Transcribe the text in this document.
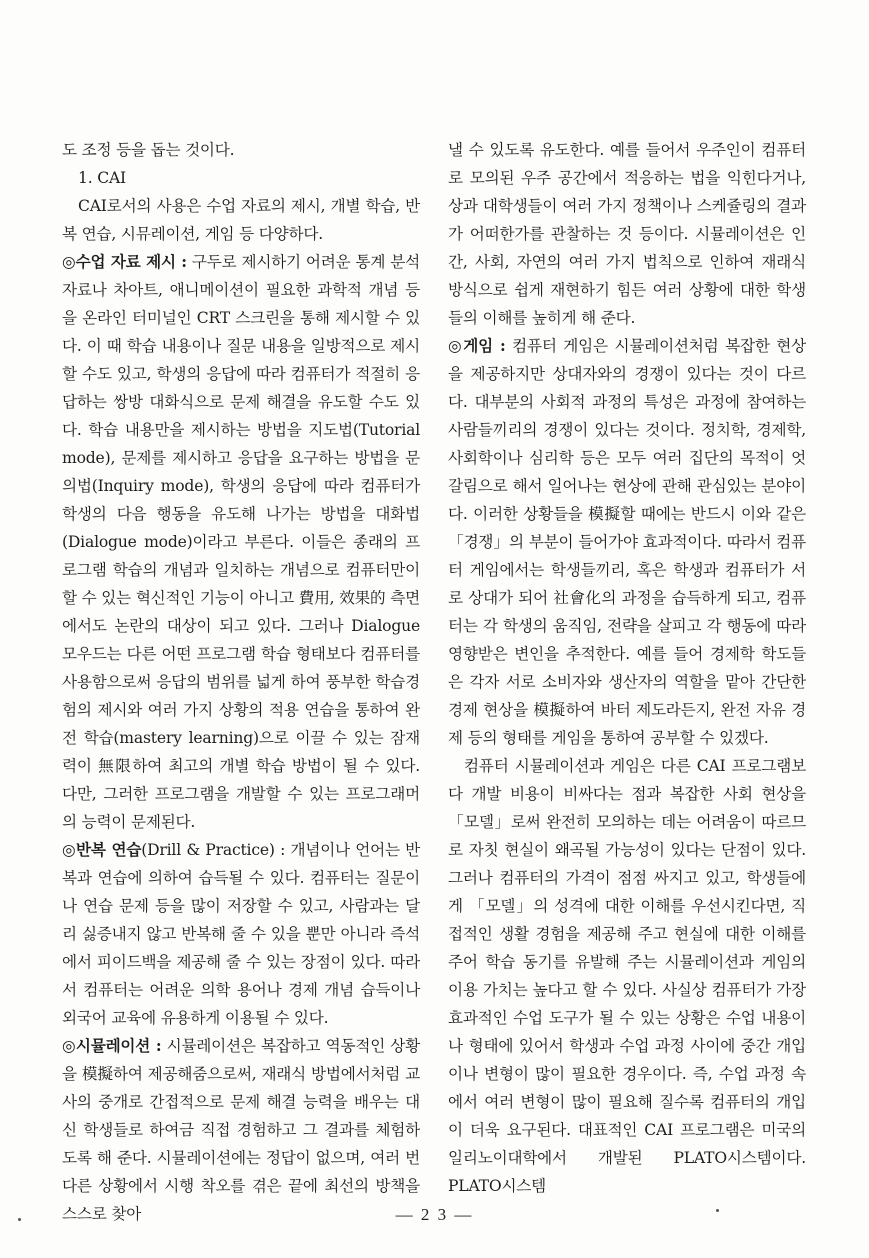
도 조정 등을 돕는 것이다.

1. CAI

CAI로서의 사용은 수업 자료의 제시, 개별 학습, 반복 연습, 시뮤레이션, 게임 등 다양하다.

◎수업 자료 제시 : 구두로 제시하기 어려운 통계 분석 자료나 차아트, 애니메이션이 필요한 과학적 개념 등을 온라인 터미널인 CRT 스크린을 통해 제시할 수 있다. 이 때 학습 내용이나 질문 내용을 일방적으로 제시할 수도 있고, 학생의 응답에 따라 컴퓨터가 적절히 응답하는 쌍방 대화식으로 문제 해결을 유도할 수도 있다. 학습 내용만을 제시하는 방법을 지도법(Tutorial mode), 문제를 제시하고 응답을 요구하는 방법을 문의법(Inquiry mode), 학생의 응답에 따라 컴퓨터가 학생의 다음 행동을 유도해 나가는 방법을 대화법(Dialogue mode)이라고 부른다. 이들은 종래의 프로그램 학습의 개념과 일치하는 개념으로 컴퓨터만이 할 수 있는 혁신적인 기능이 아니고 費用, 效果的 측면에서도 논란의 대상이 되고 있다. 그러나 Dialogue 모우드는 다른 어떤 프로그램 학습 형태보다 컴퓨터를 사용함으로써 응답의 범위를 넓게 하여 풍부한 학습경험의 제시와 여러 가지 상황의 적용 연습을 통하여 완전 학습(mastery learning)으로 이끌 수 있는 잠재력이 無限하여 최고의 개별 학습 방법이 될 수 있다. 다만, 그러한 프로그램을 개발할 수 있는 프로그래머의 능력이 문제된다.

◎반복 연습(Drill & Practice) : 개념이나 언어는 반복과 연습에 의하여 습득될 수 있다. 컴퓨터는 질문이나 연습 문제 등을 많이 저장할 수 있고, 사람과는 달리 싫증내지 않고 반복해 줄 수 있을 뿐만 아니라 즉석에서 피이드백을 제공해 줄 수 있는 장점이 있다. 따라서 컴퓨터는 어려운 의학 용어나 경제 개념 습득이나 외국어 교육에 유용하게 이용될 수 있다.

◎시뮬레이션 : 시뮬레이션은 복잡하고 역동적인 상황을 模擬하여 제공해줌으로써, 재래식 방법에서처럼 교사의 중개로 간접적으로 문제 해결 능력을 배우는 대신 학생들로 하여금 직접 경험하고 그 결과를 체험하도록 해 준다. 시뮬레이션에는 정답이 없으며, 여러 번 다른 상황에서 시행 착오를 겪은 끝에 최선의 방책을 스스로 찾아

낼 수 있도록 유도한다. 예를 들어서 우주인이 컴퓨터로 모의된 우주 공간에서 적응하는 법을 익힌다거나, 상과 대학생들이 여러 가지 정책이나 스케쥴링의 결과가 어떠한가를 관찰하는 것 등이다. 시뮬레이션은 인간, 사회, 자연의 여러 가지 법칙으로 인하여 재래식 방식으로 쉽게 재현하기 힘든 여러 상황에 대한 학생들의 이해를 높히게 해 준다.

◎게임 : 컴퓨터 게임은 시뮬레이션처럼 복잡한 현상을 제공하지만 상대자와의 경쟁이 있다는 것이 다르다. 대부분의 사회적 과정의 특성은 과정에 참여하는 사람들끼리의 경쟁이 있다는 것이다. 정치학, 경제학, 사회학이나 심리학 등은 모두 여러 집단의 목적이 엇갈림으로 해서 일어나는 현상에 관해 관심있는 분야이다. 이러한 상황들을 模擬할 때에는 반드시 이와 같은 「경쟁」의 부분이 들어가야 효과적이다. 따라서 컴퓨터 게임에서는 학생들끼리, 혹은 학생과 컴퓨터가 서로 상대가 되어 社會化의 과정을 습득하게 되고, 컴퓨터는 각 학생의 움직임, 전략을 살피고 각 행동에 따라 영향받은 변인을 추적한다. 예를 들어 경제학 학도들은 각자 서로 소비자와 생산자의 역할을 맡아 간단한 경제 현상을 模擬하여 바터 제도라든지, 완전 자유 경제 등의 형태를 게임을 통하여 공부할 수 있겠다.

컴퓨터 시뮬레이션과 게임은 다른 CAI 프로그램보다 개발 비용이 비싸다는 점과 복잡한 사회 현상을 「모델」로써 완전히 모의하는 데는 어려움이 따르므로 자칫 현실이 왜곡될 가능성이 있다는 단점이 있다. 그러나 컴퓨터의 가격이 점점 싸지고 있고, 학생들에게 「모델」의 성격에 대한 이해를 우선시킨다면, 직접적인 생활 경험을 제공해 주고 현실에 대한 이해를 주어 학습 동기를 유발해 주는 시뮬레이션과 게임의 이용 가치는 높다고 할 수 있다. 사실상 컴퓨터가 가장 효과적인 수업 도구가 될 수 있는 상황은 수업 내용이나 형태에 있어서 학생과 수업 과정 사이에 중간 개입이나 변형이 많이 필요한 경우이다. 즉, 수업 과정 속에서 여러 변형이 많이 필요해 질수록 컴퓨터의 개입이 더욱 요구된다. 대표적인 CAI 프로그램은 미국의 일리노이대학에서 개발된 PLATO시스템이다. PLATO시스템

— 2 3 —
